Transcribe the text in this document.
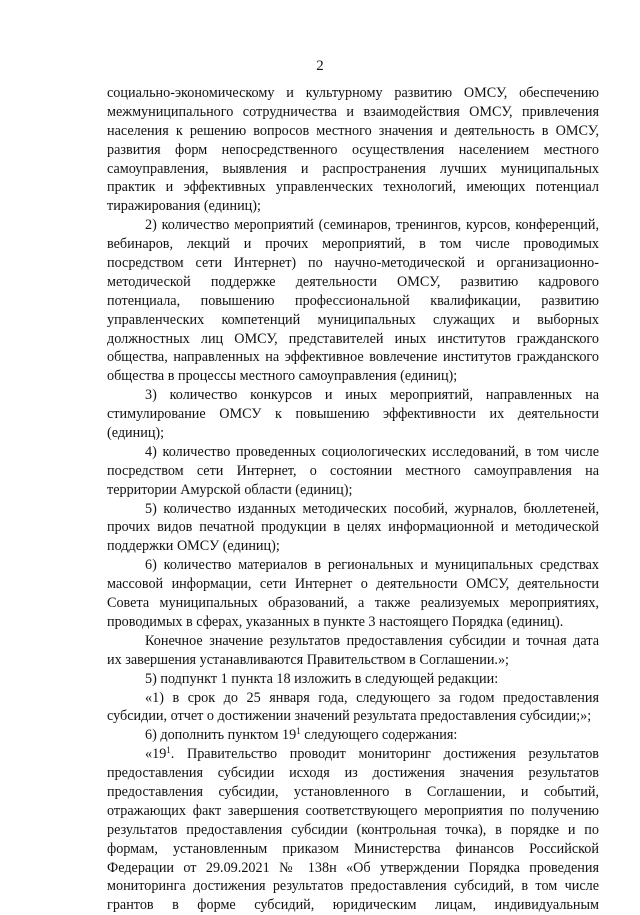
2
социально-экономическому и культурному развитию ОМСУ, обеспечению
межмуниципального сотрудничества и взаимодействия ОМСУ, привлечения
населения к решению вопросов местного значения и деятельность в ОМСУ,
развития форм непосредственного осуществления населением местного
самоуправления, выявления и распространения лучших муниципальных
практик и эффективных управленческих технологий, имеющих потенциал
тиражирования (единиц);
2) количество мероприятий (семинаров, тренингов, курсов, конференций,
вебинаров, лекций и прочих мероприятий, в том числе проводимых
посредством сети Интернет) по научно-методической и организационно-
методической поддержке деятельности ОМСУ, развитию кадрового
потенциала, повышению профессиональной квалификации, развитию
управленческих компетенций муниципальных служащих и выборных
должностных лиц ОМСУ, представителей иных институтов гражданского
общества, направленных на эффективное вовлечение институтов гражданского
общества в процессы местного самоуправления (единиц);
3) количество конкурсов и иных мероприятий, направленных на
стимулирование ОМСУ к повышению эффективности их деятельности
(единиц);
4) количество проведенных социологических исследований, в том числе
посредством сети Интернет, о состоянии местного самоуправления на
территории Амурской области (единиц);
5) количество изданных методических пособий, журналов, бюллетеней,
прочих видов печатной продукции в целях информационной и методической
поддержки ОМСУ (единиц);
6) количество материалов в региональных и муниципальных средствах
массовой информации, сети Интернет о деятельности ОМСУ, деятельности
Совета муниципальных образований, а также реализуемых мероприятиях,
проводимых в сферах, указанных в пункте 3 настоящего Порядка (единиц).
Конечное значение результатов предоставления субсидии и точная дата
их завершения устанавливаются Правительством в Соглашении.»;
5) подпункт 1 пункта 18 изложить в следующей редакции:
«1) в срок до 25 января года, следующего за годом предоставления
субсидии, отчет о достижении значений результата предоставления субсидии;»;
6) дополнить пунктом $19^1$ следующего содержания:
«$19^1$. Правительство проводит мониторинг достижения результатов
предоставления субсидии исходя из достижения значения результатов
предоставления субсидии, установленного в Соглашении, и событий,
отражающих факт завершения соответствующего мероприятия по получению
результатов предоставления субсидии (контрольная точка), в порядке и по
формам, установленным приказом Министерства финансов Российской
Федерации от 29.09.2021 № 138н «Об утверждении Порядка проведения
мониторинга достижения результатов предоставления субсидий, в том числе
грантов в форме субсидий, юридическим лицам, индивидуальным
